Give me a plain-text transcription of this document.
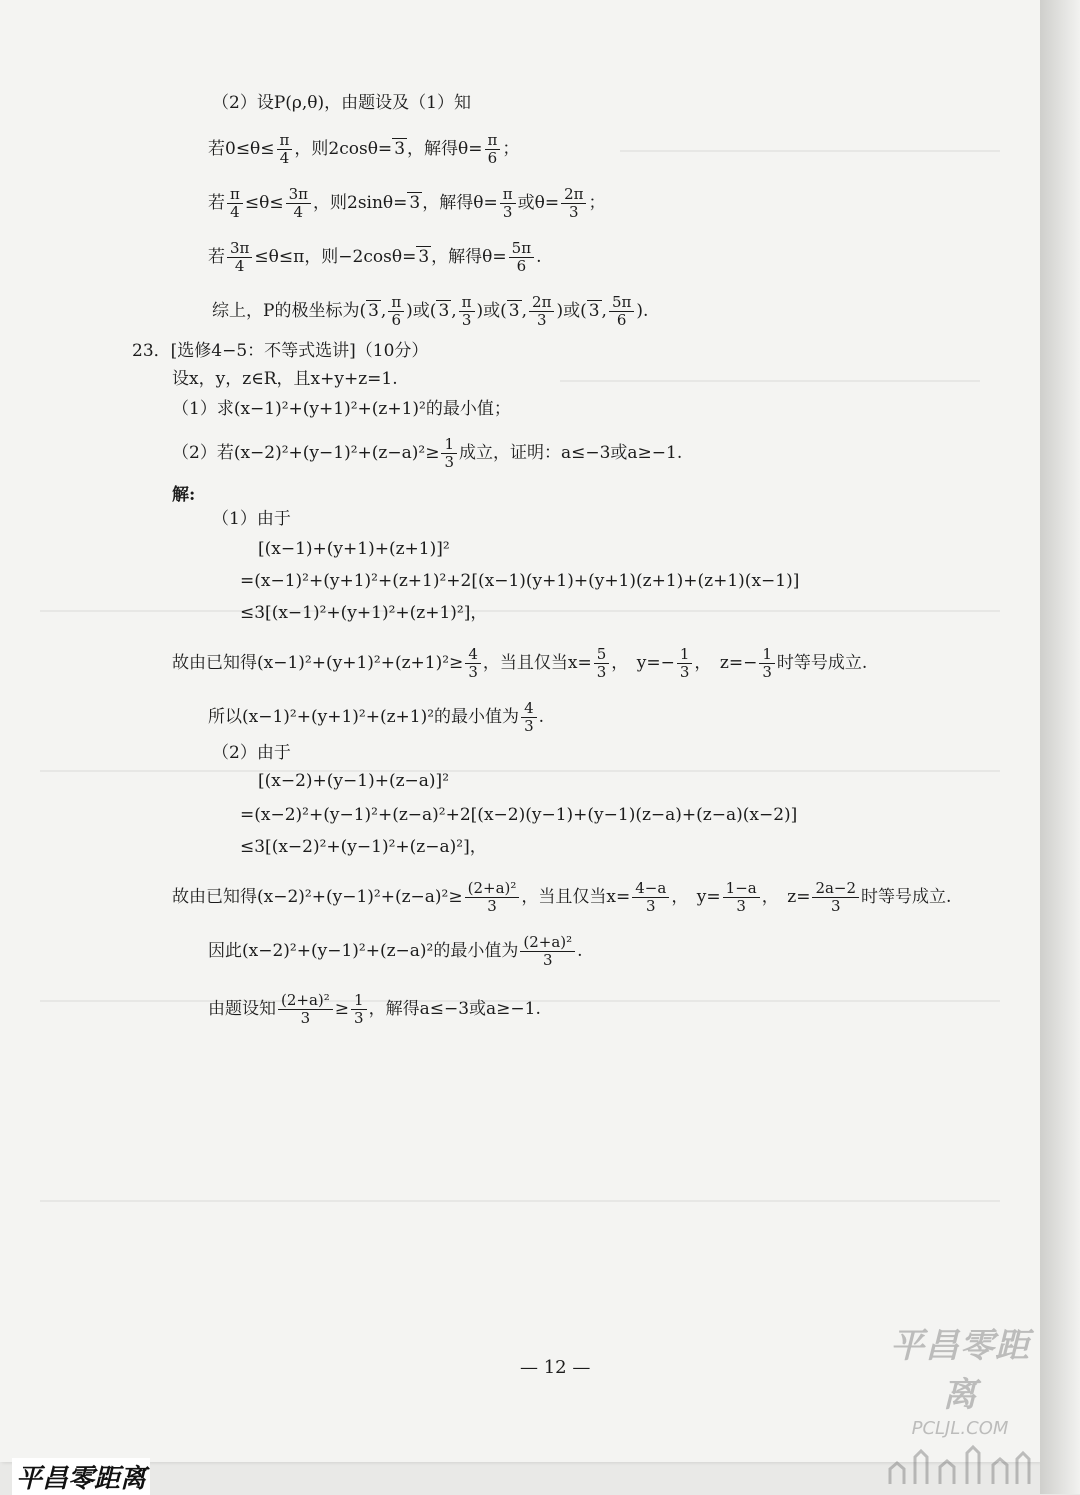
（2）设P(ρ,θ)，由题设及（1）知
若$0\le\theta\le \frac{\pi}{4}$ ，则2cosθ= 3 ，解得$\theta= \frac{\pi}{6}$ ；
若 $\frac{\pi}{4} \le\theta\le \frac{3\pi}{4}$ ，则2sinθ= 3 ，解得$\theta= \frac{\pi}{3}$ 或$\theta= \frac{2\pi}{3}$ ；
若 $\frac{3\pi}{4} \le\theta\le\pi$，则−2cosθ= 3 ，解得$\theta= \frac{5\pi}{6}$ .
综上，P的极坐标为( 3 , $\frac{\pi}{6}$ )或( 3 , $\frac{\pi}{3}$ )或( 3 , $\frac{2\pi}{3}$ )或( 3 , $\frac{5\pi}{6}$ ).
23．[选修4−5：不等式选讲]（10分）
设x，y，z∈R，且x+y+z=1.
（1）求(x−1)²+(y+1)²+(z+1)²的最小值；
（2）若$(x-2)^2+(y-1)^2+(z-a)^2\ge \frac{1}{3}$ 成立，证明：a≤−3或a≥−1.
解:
（1）由于
[(x−1)+(y+1)+(z+1)]²
=(x−1)²+(y+1)²+(z+1)²+2[(x−1)(y+1)+(y+1)(z+1)+(z+1)(x−1)]
≤3[(x−1)²+(y+1)²+(z+1)²]，
故由已知得$(x-1)^2+(y+1)^2+(z+1)^2\ge \frac{4}{3}$ ，当且仅当$x= \frac{5}{3}$ ，　$y=- \frac{1}{3}$ ，　$z=- \frac{1}{3}$ 时等号成立.
所以(x−1)²+(y+1)²+(z+1)²的最小值为 $\frac{4}{3}$ .
（2）由于
[(x−2)+(y−1)+(z−a)]²
=(x−2)²+(y−1)²+(z−a)²+2[(x−2)(y−1)+(y−1)(z−a)+(z−a)(x−2)]
≤3[(x−2)²+(y−1)²+(z−a)²]，
故由已知得$(x-2)^2+(y-1)^2+(z-a)^2\ge \frac{\text{(2+a)²}}{3}$ ，当且仅当$x= \frac{4-a}{3}$ ，　$y= \frac{1-a}{3}$ ，　$z= \frac{2a-2}{3}$ 时等号成立.
因此(x−2)²+(y−1)²+(z−a)²的最小值为 $\frac{\text{(2+a)²}}{3}$ .
由题设知 $\frac{\text{(2+a)²}}{3} \ge \frac{1}{3}$ ，解得a≤−3或a≥−1.
— 12 —
平昌零距离
PCLJL.COM
平昌零距离
